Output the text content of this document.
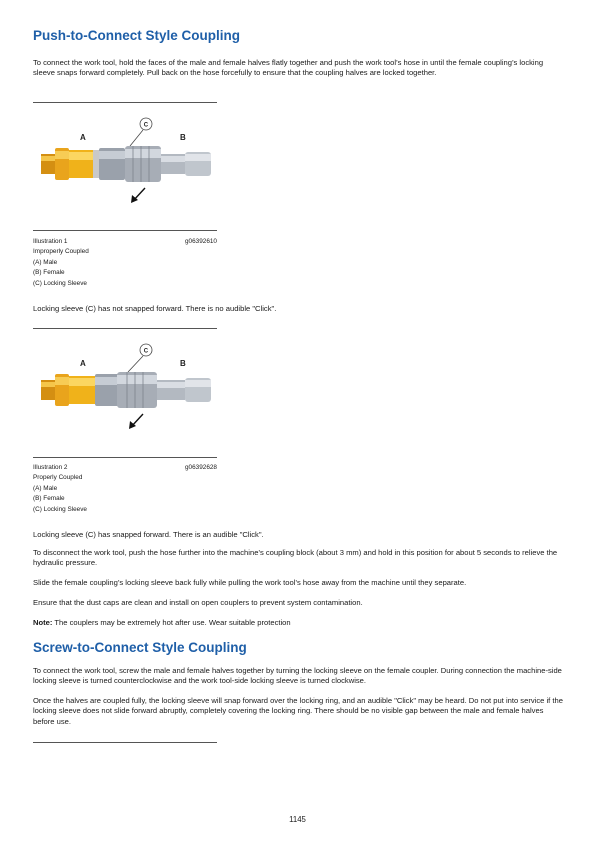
Push-to-Connect Style Coupling

To connect the work tool, hold the faces of the male and female halves flatly together and push the work tool’s hose in until the female coupling’s locking sleeve snaps forward completely. Pull back on the hose forcefully to ensure that the coupling halves are locked together.

A	B
C
Illustration 1	g06392610
Improperly Coupled
(A) Male
(B) Female
(C) Locking Sleeve

Locking sleeve (C) has not snapped forward. There is no audible "Click".

A	B
C
Illustration 2	g06392628
Properly Coupled
(A) Male
(B) Female
(C) Locking Sleeve

Locking sleeve (C) has snapped forward. There is an audible "Click".

To disconnect the work tool, push the hose further into the machine’s coupling block (about 3 mm) and hold in this position for about 5 seconds to relieve the hydraulic pressure.

Slide the female coupling’s locking sleeve back fully while pulling the work tool’s hose away from the machine until they separate.

Ensure that the dust caps are clean and install on open couplers to prevent system contamination.

Note: The couplers may be extremely hot after use. Wear suitable protection

Screw-to-Connect Style Coupling

To connect the work tool, screw the male and female halves together by turning the locking sleeve on the female coupler. During connection the machine-side locking sleeve is turned counterclockwise and the work tool-side locking sleeve is turned clockwise.

Once the halves are coupled fully, the locking sleeve will snap forward over the locking ring, and an audible "Click" may be heard. Do not put into service if the locking sleeve does not slide forward abruptly, completely covering the locking ring. There should be no visible gap between the male and female halves before use.

1145
